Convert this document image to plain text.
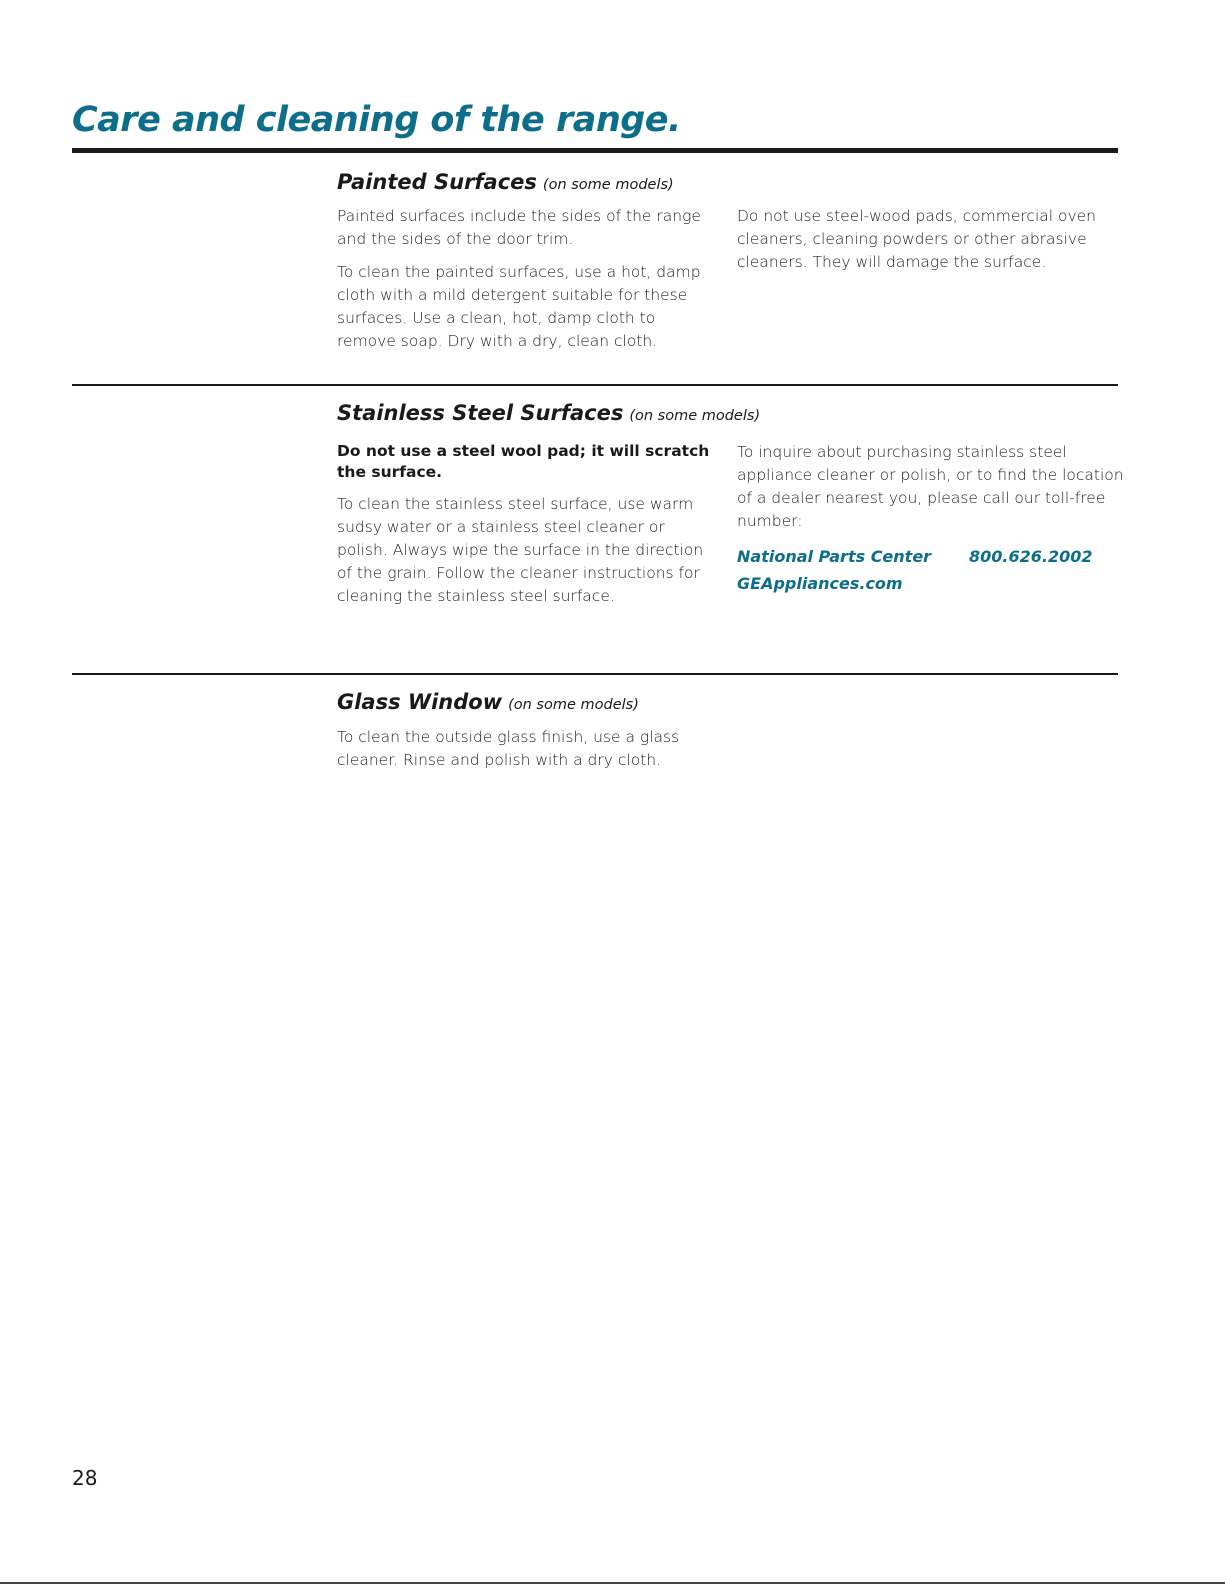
Care and cleaning of the range.
Painted Surfaces (on some models)

Painted surfaces include the sides of the range and the sides of the door trim.

To clean the painted surfaces, use a hot, damp cloth with a mild detergent suitable for these surfaces. Use a clean, hot, damp cloth to remove soap. Dry with a dry, clean cloth.

Do not use steel-wood pads, commercial oven cleaners, cleaning powders or other abrasive cleaners. They will damage the surface.

Stainless Steel Surfaces (on some models)

Do not use a steel wool pad; it will scratch the surface.

To clean the stainless steel surface, use warm sudsy water or a stainless steel cleaner or polish. Always wipe the surface in the direction of the grain. Follow the cleaner instructions for cleaning the stainless steel surface.

To inquire about purchasing stainless steel appliance cleaner or polish, or to find the location of a dealer nearest you, please call our toll-free number:

National Parts Center	800.626.2002
GEAppliances.com
Glass Window (on some models)

To clean the outside glass finish, use a glass cleaner. Rinse and polish with a dry cloth.

28
